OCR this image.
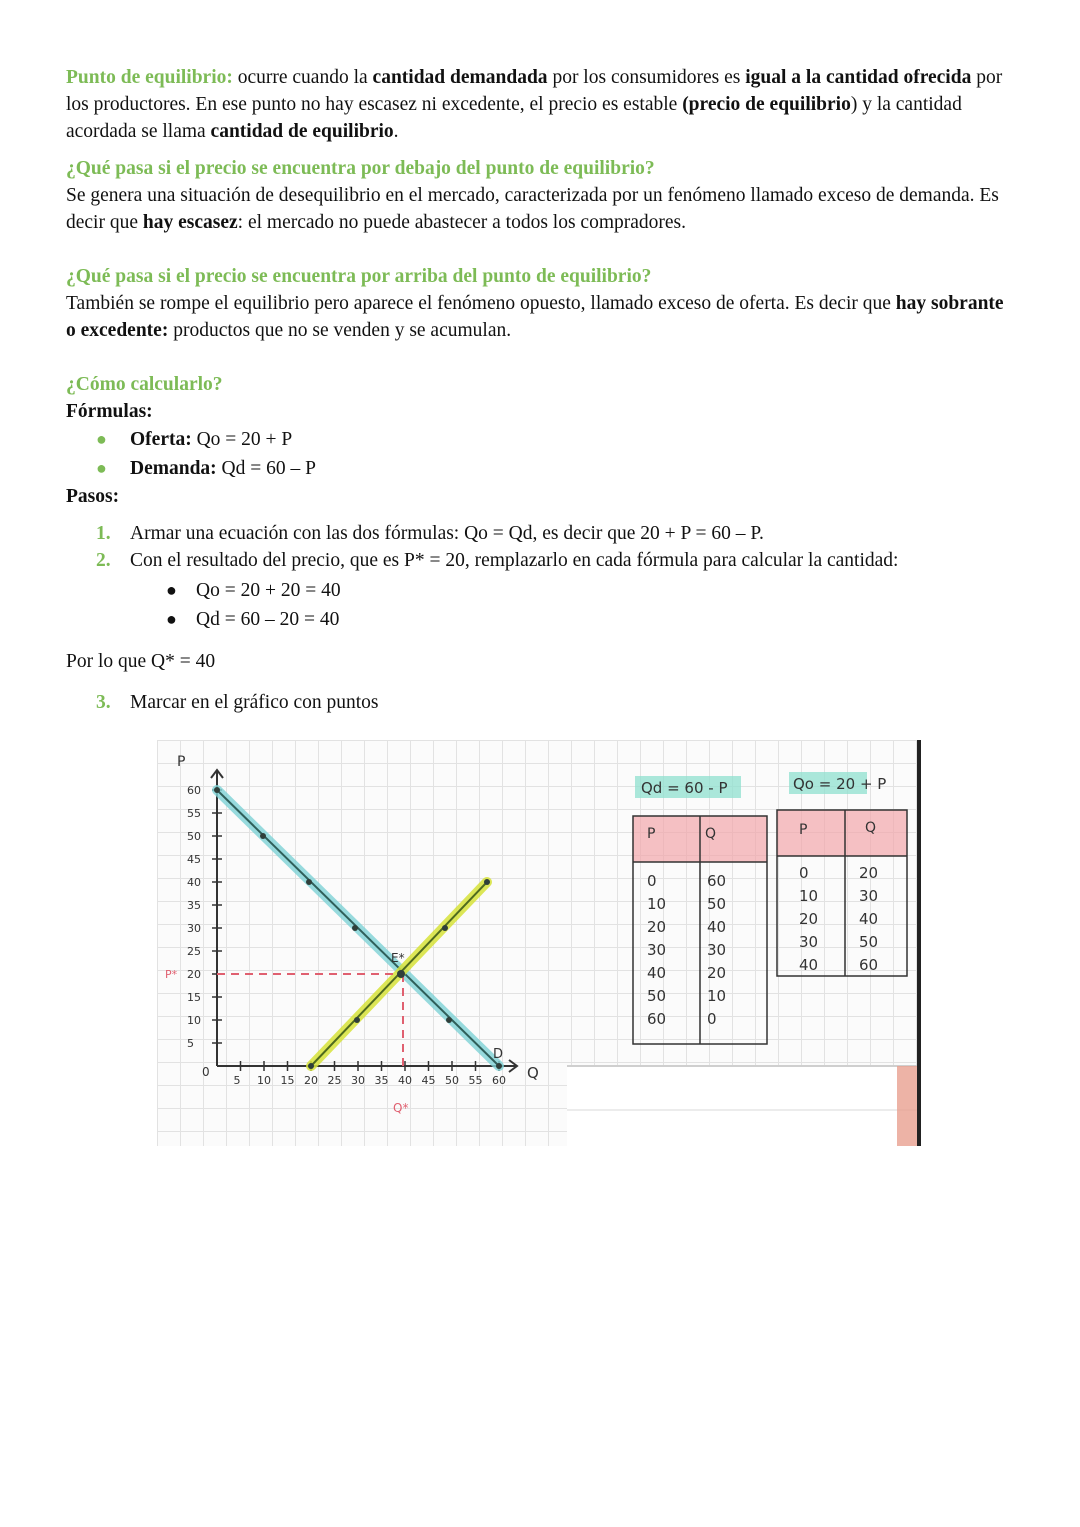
Punto de equilibrio: ocurre cuando la cantidad demandada por los consumidores es igual a la cantidad ofrecida por los productores. En ese punto no hay escasez ni excedente, el precio es estable (precio de equilibrio) y la cantidad acordada se llama cantidad de equilibrio.

¿Qué pasa si el precio se encuentra por debajo del punto de equilibrio?

Se genera una situación de desequilibrio en el mercado, caracterizada por un fenómeno llamado exceso de demanda. Es decir que hay escasez: el mercado no puede abastecer a todos los compradores.

¿Qué pasa si el precio se encuentra por arriba del punto de equilibrio?

También se rompe el equilibrio pero aparece el fenómeno opuesto, llamado exceso de oferta. Es decir que hay sobrante o excedente: productos que no se venden y se acumulan.

¿Cómo calcularlo?

Fórmulas:

● Oferta: Qo = 20 + P
● Demanda: Qd = 60 – P

Pasos:

1. Armar una ecuación con las dos fórmulas: Qo = Qd, es decir que 20 + P = 60 – P.
2. Con el resultado del precio, que es P* = 20, remplazarlo en cada fórmula para calcular la cantidad:
● Qo = 20 + 20 = 40
● Qd = 60 – 20 = 40

Por lo que Q* = 40

3. Marcar en el gráfico con puntos
60
55
50
45
40
35
30
25
20
15
10
5
5 10 15 20 25 30 35 40 45 50 55 60
P
Q
0
E*
D
P*
Q*
Qd = 60 - P	Qo = 20 + P
P	Q
0	60
10	50
20	40
30	30
40	20
50	10
60	0
P	Q
0	20
10	30
20	40
30	50
40	60
